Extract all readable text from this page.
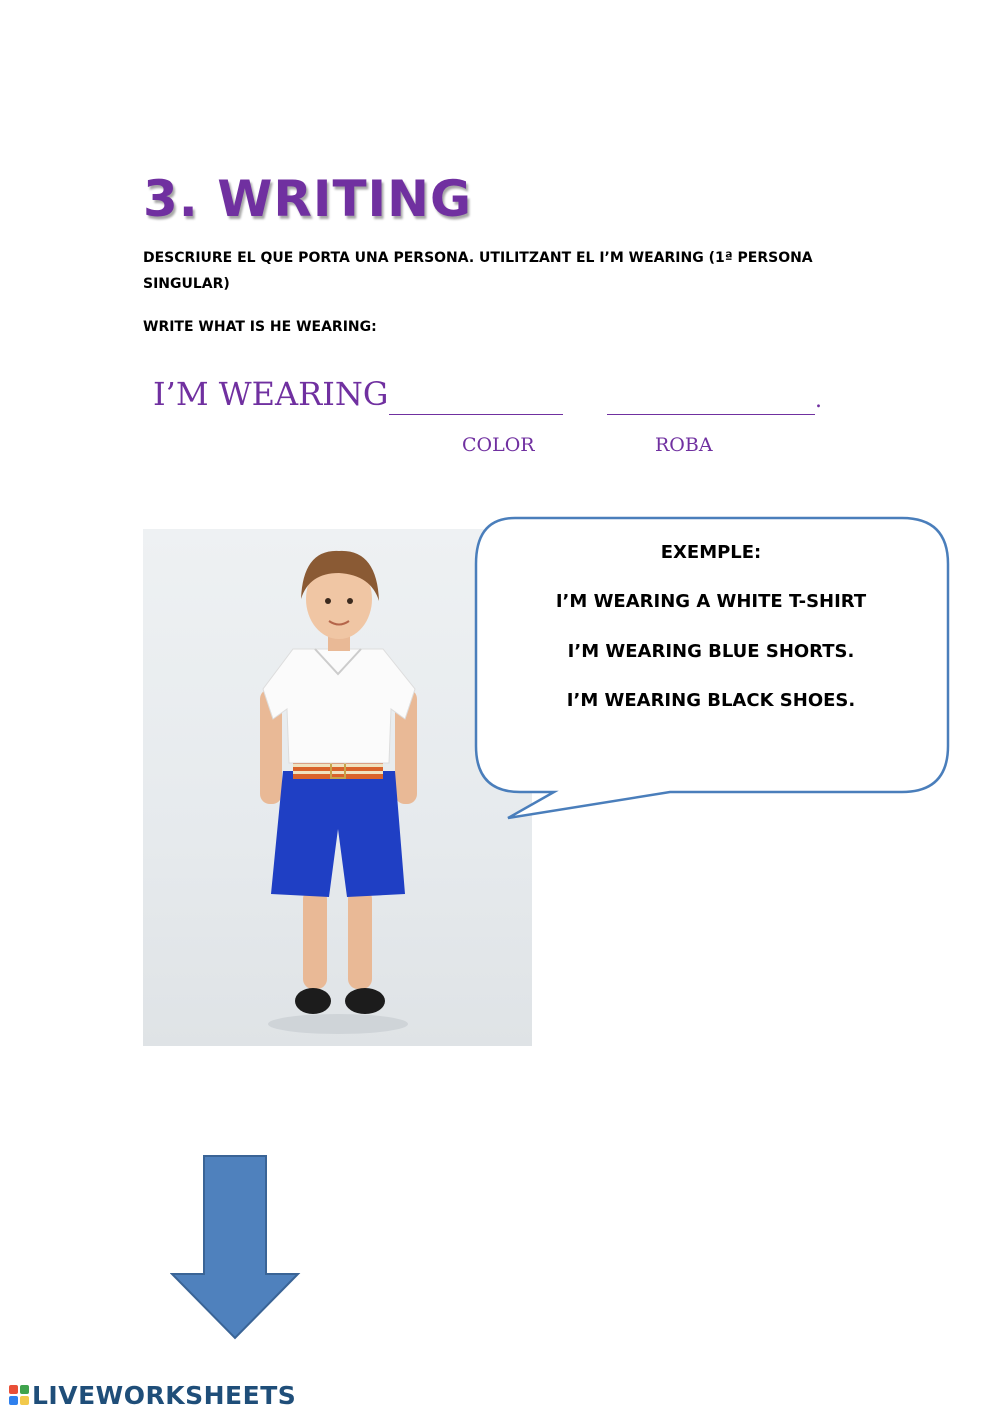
3. WRITING
DESCRIURE EL QUE PORTA UNA PERSONA. UTILITZANT EL I’M WEARING (1ª PERSONA
SINGULAR)
WRITE WHAT IS HE WEARING:
I’M WEARING	.
COLOR	ROBA
EXEMPLE:
I’M WEARING A WHITE T-SHIRT
I’M WEARING BLUE SHORTS.
I’M WEARING BLACK SHOES.
LIVEWORKSHEETS
